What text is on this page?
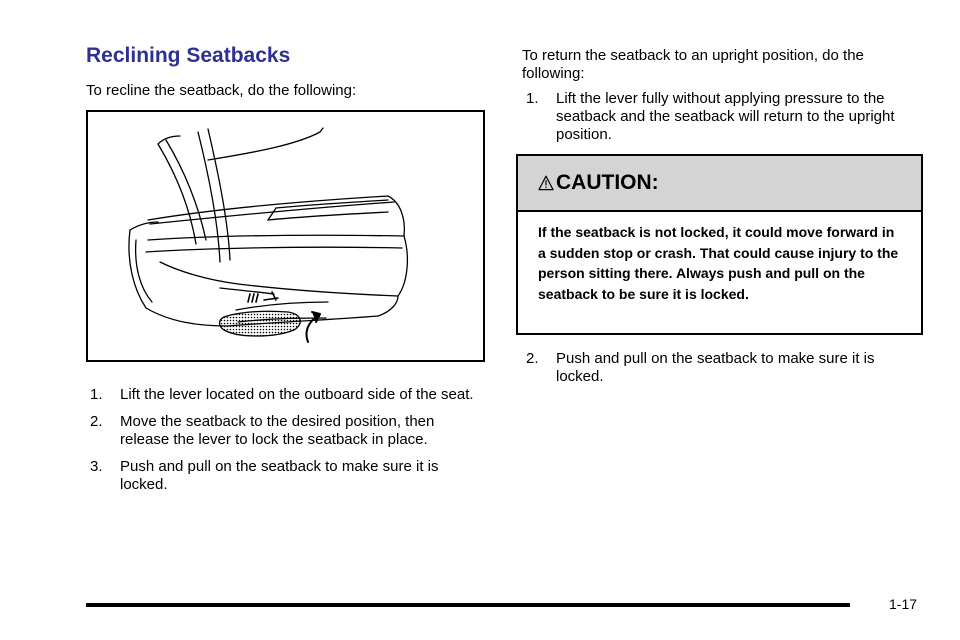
Reclining Seatbacks

To recline the seatback, do the following:

1. Lift the lever located on the outboard side of the seat.
2. Move the seatback to the desired position, then release the lever to lock the seatback in place.
3. Push and pull on the seatback to make sure it is locked.

To return the seatback to an upright position, do the following:

1. Lift the lever fully without applying pressure to the seatback and the seatback will return to the upright position.
CAUTION:

If the seatback is not locked, it could move forward in a sudden stop or crash. That could cause injury to the person sitting there. Always push and pull on the seatback to be sure it is locked.

2. Push and pull on the seatback to make sure it is locked.
1-17
